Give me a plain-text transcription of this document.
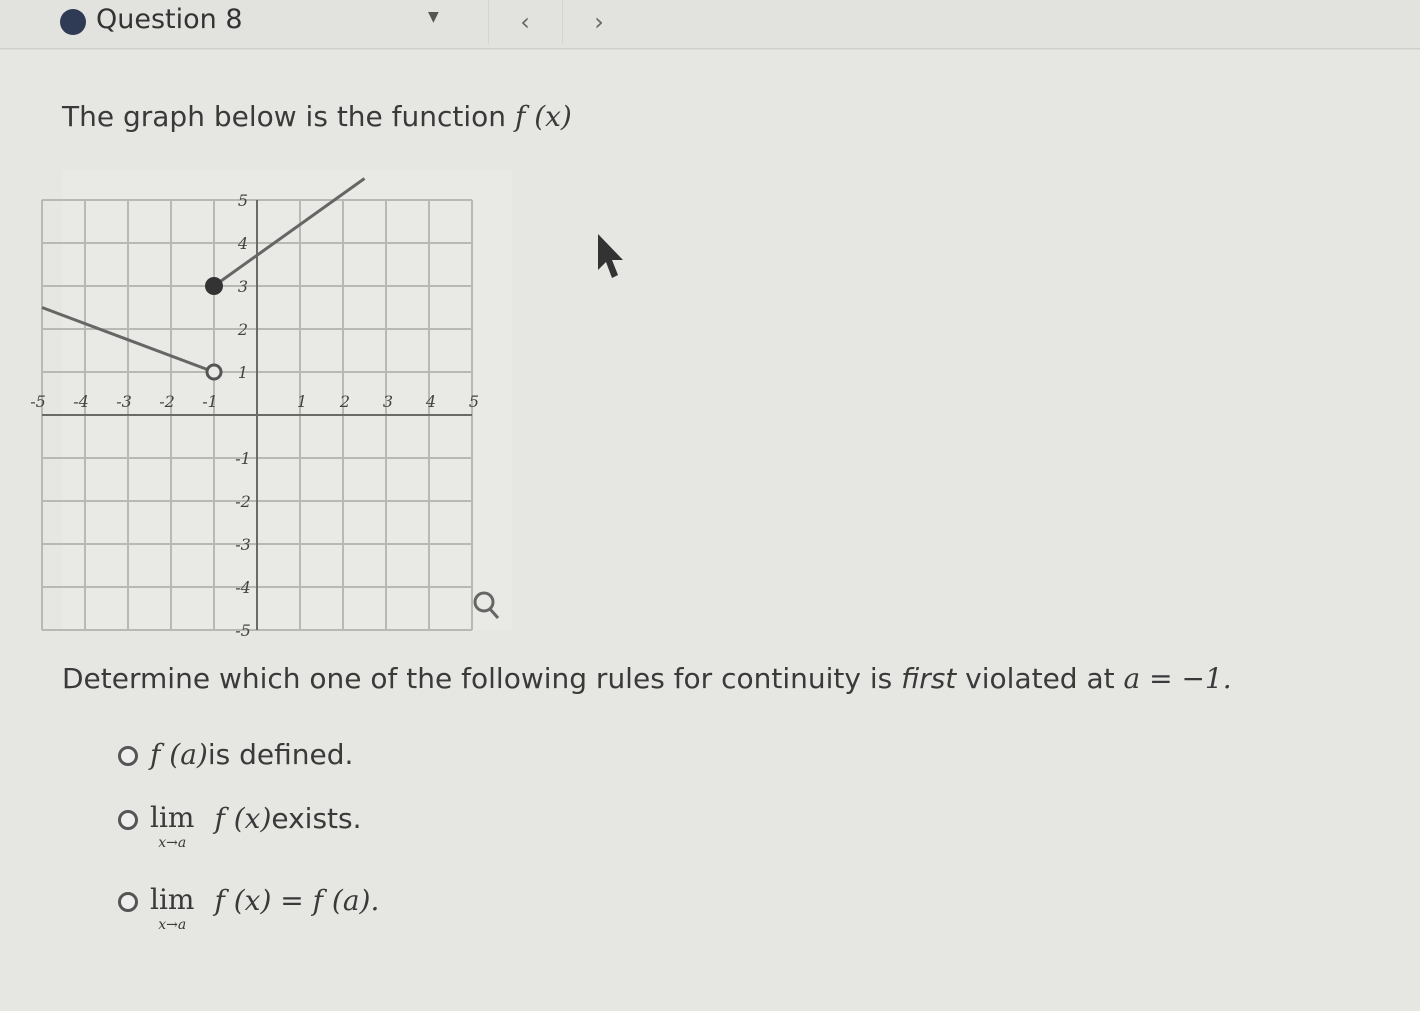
Question 8	▼	‹	›
The graph below is the function f (x)
-5 -4 -3 -2 -1	1 2 3 4 5
5
4
3
2
1
-1
-2
-3
-4
-5
Determine which one of the following rules for continuity is first violated at a = −1.
f (a) is defined.
lim
x→a
f (x) exists.
lim
x→a
f (x) = f (a).
